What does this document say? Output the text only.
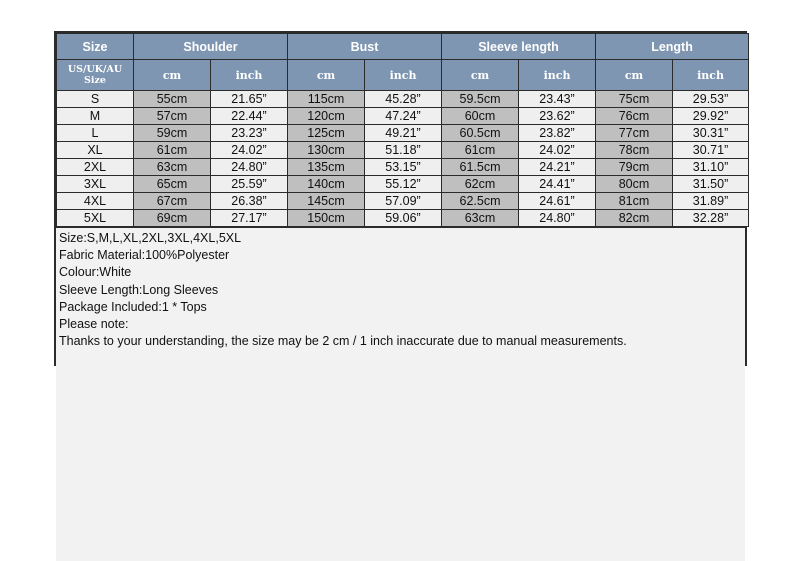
Size	Shoulder		Bust		Sleeve length		Length	
US/UK/AU Size	cm	inch	cm	inch	cm	inch	cm	inch
S	55cm	21.65”	115cm	45.28”	59.5cm	23.43”	75cm	29.53”
M	57cm	22.44”	120cm	47.24”	60cm	23.62”	76cm	29.92”
L	59cm	23.23”	125cm	49.21”	60.5cm	23.82”	77cm	30.31”
XL	61cm	24.02”	130cm	51.18”	61cm	24.02”	78cm	30.71”
2XL	63cm	24.80”	135cm	53.15”	61.5cm	24.21”	79cm	31.10”
3XL	65cm	25.59”	140cm	55.12”	62cm	24.41”	80cm	31.50”
4XL	67cm	26.38”	145cm	57.09”	62.5cm	24.61”	81cm	31.89”
5XL	69cm	27.17”	150cm	59.06”	63cm	24.80”	82cm	32.28”
Size:S,M,L,XL,2XL,3XL,4XL,5XL
Fabric Material:100%Polyester
Colour:White
Sleeve Length:Long Sleeves
Package Included:1 * Tops
Please note:
Thanks to your understanding, the size may be 2 cm / 1 inch inaccurate due to manual measurements.
